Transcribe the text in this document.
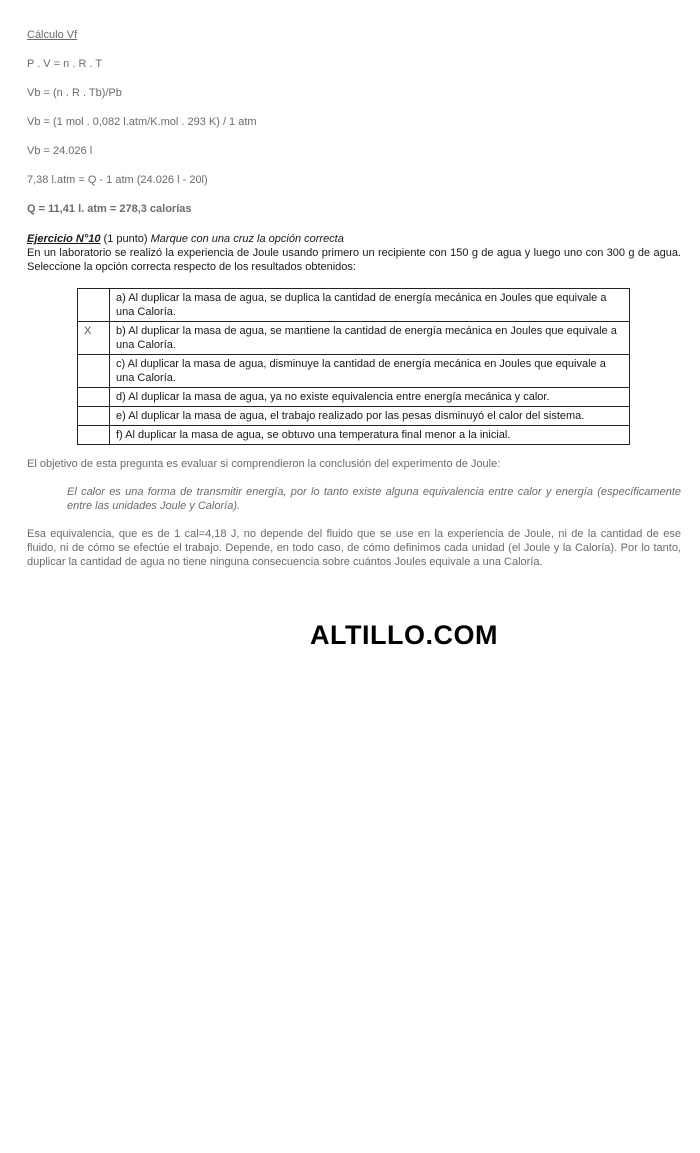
Cálculo Vf
P . V = n . R . T
Vb = (n . R . Tb)/Pb
Vb = (1 mol . 0,082 l.atm/K.mol . 293 K) / 1 atm
Vb = 24.026 l
7,38 l.atm = Q - 1 atm (24.026 l - 20l)
Q = 11,41 l. atm = 278,3 calorías
Ejercicio N°10 (1 punto) Marque con una cruz la opción correcta
En un laboratorio se realizó la experiencia de Joule usando primero un recipiente con 150 g de agua y luego uno con 300 g de agua. Seleccione la opción correcta respecto de los resultados obtenidos:
	a) Al duplicar la masa de agua, se duplica la cantidad de energía mecánica en Joules que equivale a una Caloría.
X	b) Al duplicar la masa de agua, se mantiene la cantidad de energía mecánica en Joules que equivale a una Caloría.
	c) Al duplicar la masa de agua, disminuye la cantidad de energía mecánica en Joules que equivale a una Caloría.
	d) Al duplicar la masa de agua, ya no existe equivalencia entre energía mecánica y calor.
	e) Al duplicar la masa de agua, el trabajo realizado por las pesas disminuyó el calor del sistema.
	f) Al duplicar la masa de agua, se obtuvo una temperatura final menor a la inicial.
El objetivo de esta pregunta es evaluar si comprendieron la conclusión del experimento de Joule:
El calor es una forma de transmitir energía, por lo tanto existe alguna equivalencia entre calor y energía (específicamente entre las unidades Joule y Caloría).
Esa equivalencia, que es de 1 cal=4,18 J, no depende del fluido que se use en la experiencia de Joule, ni de la cantidad de ese fluido, ni de cómo se efectúe el trabajo. Depende, en todo caso, de cómo definimos cada unidad (el Joule y la Caloría). Por lo tanto, duplicar la cantidad de agua no tiene ninguna consecuencia sobre cuántos Joules equivale a una Caloría.
ALTILLO.COM
